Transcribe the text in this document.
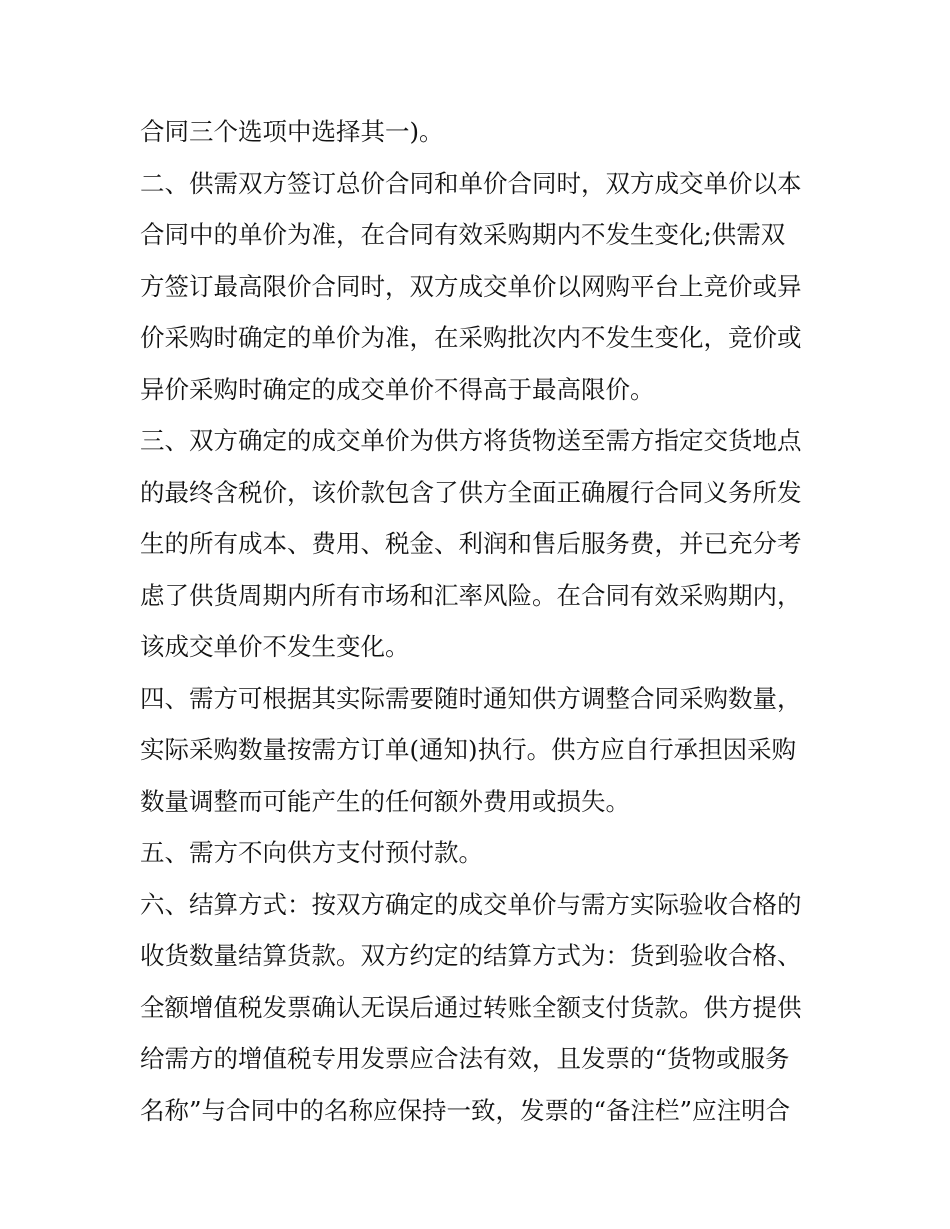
合同三个选项中选择其一)。
二、供需双方签订总价合同和单价合同时，双方成交单价以本
合同中的单价为准，在合同有效采购期内不发生变化;供需双
方签订最高限价合同时，双方成交单价以网购平台上竞价或异
价采购时确定的单价为准，在采购批次内不发生变化，竞价或
异价采购时确定的成交单价不得高于最高限价。
三、双方确定的成交单价为供方将货物送至需方指定交货地点
的最终含税价，该价款包含了供方全面正确履行合同义务所发
生的所有成本、费用、税金、利润和售后服务费，并已充分考
虑了供货周期内所有市场和汇率风险。在合同有效采购期内，
该成交单价不发生变化。
四、需方可根据其实际需要随时通知供方调整合同采购数量，
实际采购数量按需方订单(通知)执行。供方应自行承担因采购
数量调整而可能产生的任何额外费用或损失。
五、需方不向供方支付预付款。
六、结算方式：按双方确定的成交单价与需方实际验收合格的
收货数量结算货款。双方约定的结算方式为：货到验收合格、
全额增值税发票确认无误后通过转账全额支付货款。供方提供
给需方的增值税专用发票应合法有效，且发票的“货物或服务
名称”与合同中的名称应保持一致，发票的“备注栏”应注明合
